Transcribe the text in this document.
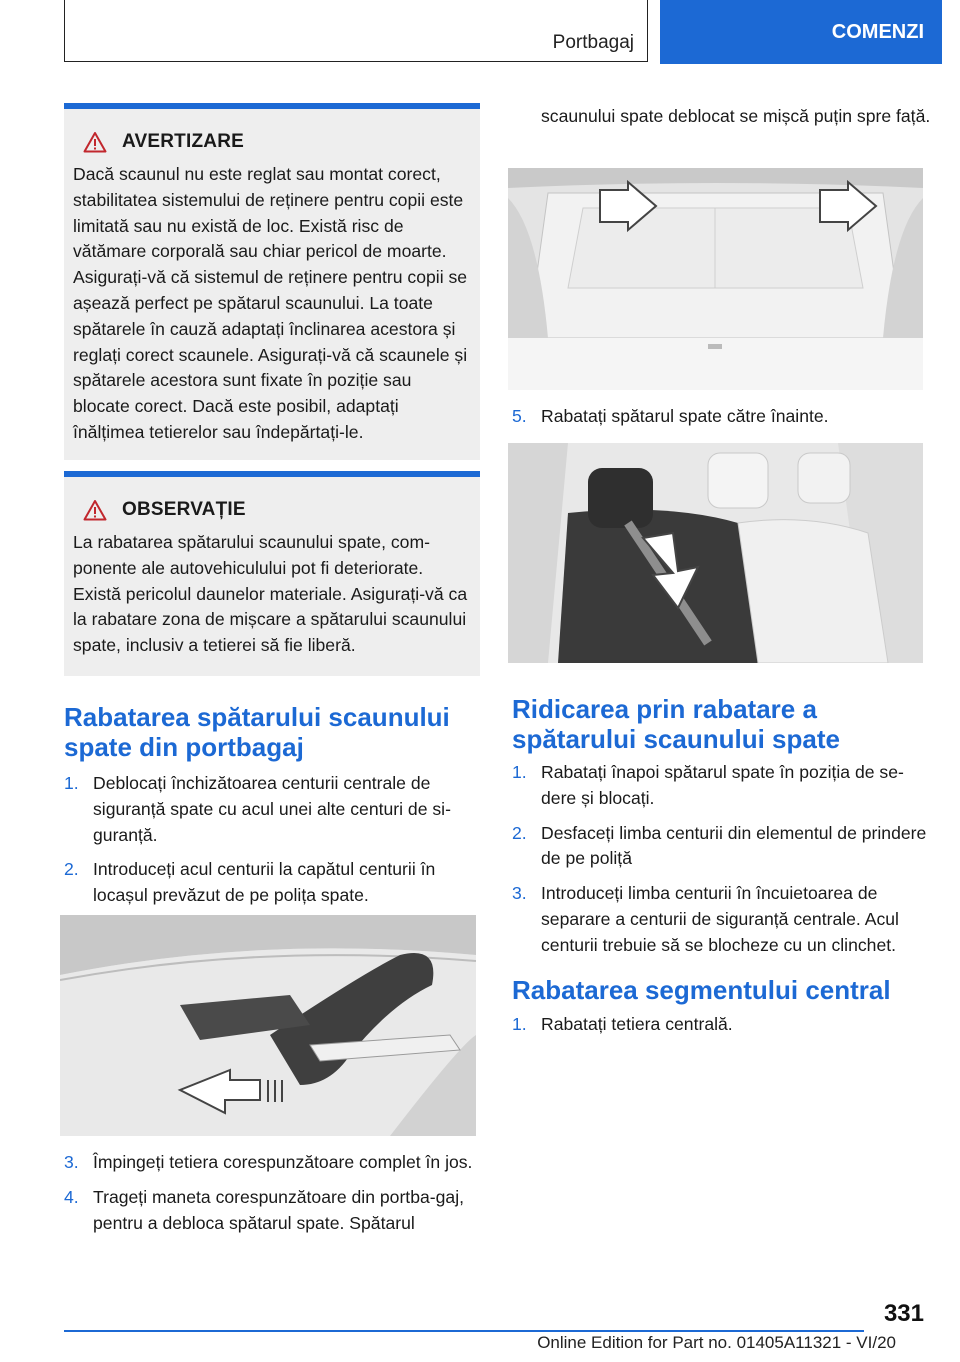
Portbagaj	COMENZI
AVERTIZARE

Dacă scaunul nu este reglat sau montat corect, stabilitatea sistemului de reținere pentru copii este limitată sau nu există de loc. Există risc de vătămare corporală sau chiar pericol de moarte. Asigurați-vă că sistemul de reținere pentru copii se așează perfect pe spătarul scaunului. La toate spătarele în cauză adaptați înclinarea acestora și reglați corect scaunele. Asigurați-vă că scaunele și spătarele acestora sunt fixate în poziție sau blocate corect. Dacă este posibil, adaptați înălțimea tetierelor sau îndepărtați-le.

OBSERVAȚIE

La rabatarea spătarului scaunului spate, com‐ponente ale autovehiculului pot fi deteriorate. Există pericolul daunelor materiale. Asigurați-vă ca la rabatare zona de mișcare a spătarului scaunului spate, inclusiv a tetierei să fie liberă.

Rabatarea spătarului scaunului spate din portbagaj
1. Deblocați închizătoarea centurii centrale de siguranță spate cu acul unei alte centuri de si‐guranță.
2. Introduceți acul centurii la capătul centurii în locașul prevăzut de pe polița spate.
3. Împingeți tetiera corespunzătoare complet în jos.
4. Trageți maneta corespunzătoare din portba‐gaj, pentru a debloca spătarul spate. Spătarul

scaunului spate deblocat se mișcă puțin spre față.

5. Rabatați spătarul spate către înainte.
Ridicarea prin rabatare a spătarului scaunului spate
1. Rabatați înapoi spătarul spate în poziția de se‐dere și blocați.
2. Desfaceți limba centurii din elementul de prindere de pe poliță
3. Introduceți limba centurii în încuietoarea de separare a centurii de siguranță centrale. Acul centurii trebuie să se blocheze cu un clinchet.
Rabatarea segmentului central
1. Rabatați tetiera centrală.
331
Online Edition for Part no. 01405A11321 - VI/20
